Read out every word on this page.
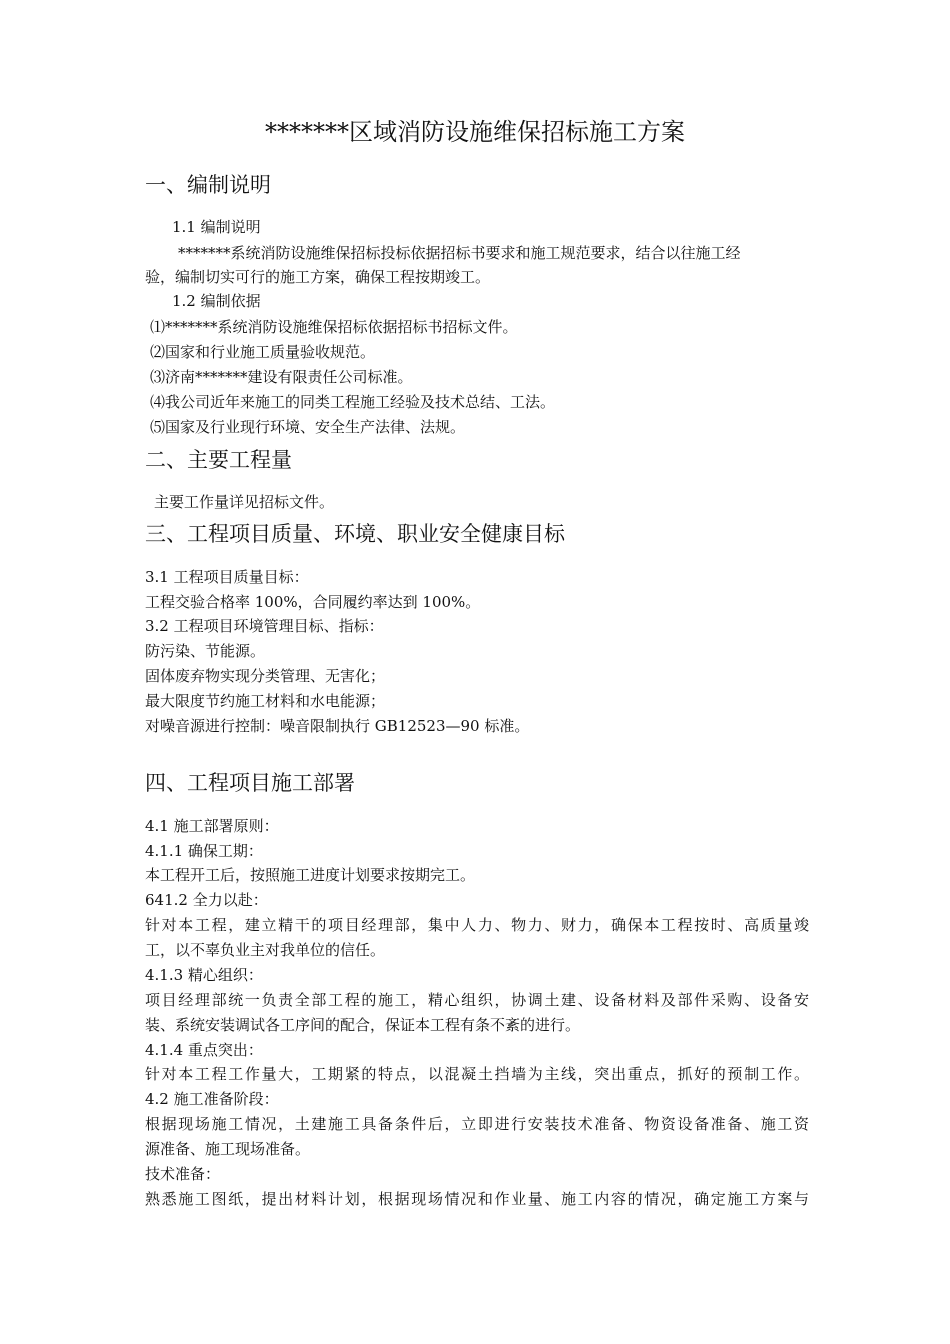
*******区域消防设施维保招标施工方案
一、编制说明
1.1 编制说明
*******系统消防设施维保招标投标依据招标书要求和施工规范要求，结合以往施工经
验，编制切实可行的施工方案，确保工程按期竣工。
1.2 编制依据
⑴*******系统消防设施维保招标依据招标书招标文件。
⑵国家和行业施工质量验收规范。
⑶济南*******建设有限责任公司标准。
⑷我公司近年来施工的同类工程施工经验及技术总结、工法。
⑸国家及行业现行环境、安全生产法律、法规。
二、主要工程量
主要工作量详见招标文件。
三、工程项目质量、环境、职业安全健康目标
3.1 工程项目质量目标：
工程交验合格率 100%，合同履约率达到 100%。
3.2 工程项目环境管理目标、指标：
防污染、节能源。
固体废弃物实现分类管理、无害化；
最大限度节约施工材料和水电能源；
对噪音源进行控制：噪音限制执行 GB12523—90 标准。
四、工程项目施工部署
4.1 施工部署原则：
4.1.1 确保工期：
本工程开工后，按照施工进度计划要求按期完工。
641.2 全力以赴：
针对本工程，建立精干的项目经理部，集中人力、物力、财力，确保本工程按时、高质量竣
工，以不辜负业主对我单位的信任。
4.1.3 精心组织：
项目经理部统一负责全部工程的施工，精心组织，协调土建、设备材料及部件采购、设备安
装、系统安装调试各工序间的配合，保证本工程有条不紊的进行。
4.1.4 重点突出：
针对本工程工作量大，工期紧的特点，以混凝土挡墙为主线，突出重点，抓好的预制工作。
4.2 施工准备阶段：
根据现场施工情况，土建施工具备条件后，立即进行安装技术准备、物资设备准备、施工资
源准备、施工现场准备。
技术准备：
熟悉施工图纸，提出材料计划，根据现场情况和作业量、施工内容的情况，确定施工方案与
